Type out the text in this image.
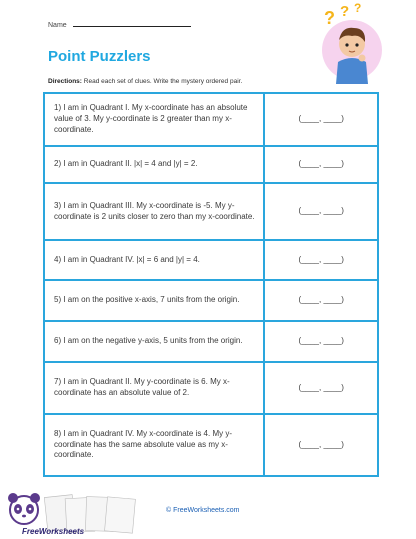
Name
Point Puzzlers
Directions: Read each set of clues. Write the mystery ordered pair.
? ? ?
1) I am in Quadrant I. My x-coordinate has an absolute value of 3. My y-coordinate is 2 greater than my x-coordinate.	(____, ____)
2) I am in Quadrant II. |x| = 4 and |y| = 2.	(____, ____)
3) I am in Quadrant III. My x-coordinate is -5. My y-coordinate is 2 units closer to zero than my x-coordinate.	(____, ____)
4) I am in Quadrant IV. |x| = 6 and |y| = 4.	(____, ____)
5) I am on the positive x-axis, 7 units from the origin.	(____, ____)
6) I am on the negative y-axis, 5 units from the origin.	(____, ____)
7) I am in Quadrant II. My y-coordinate is 6. My x-coordinate has an absolute value of 2.	(____, ____)
8) I am in Quadrant IV. My x-coordinate is 4. My y-coordinate has the same absolute value as my x-coordinate.	(____, ____)
FreeWorksheets
© FreeWorksheets.com
